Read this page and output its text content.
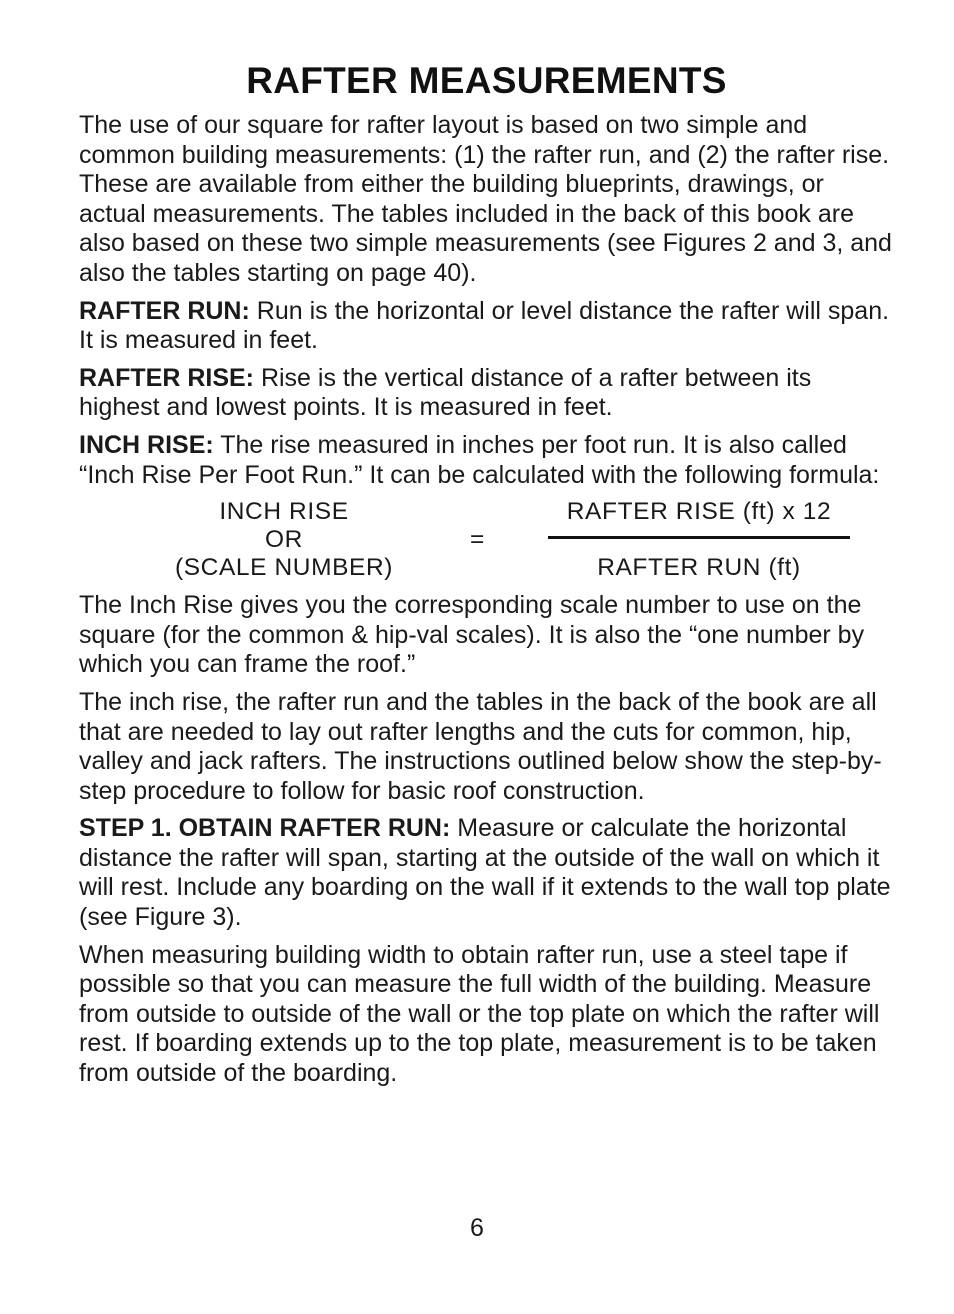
RAFTER MEASUREMENTS

The use of our square for rafter layout is based on two simple and common building measurements: (1) the rafter run, and (2) the rafter rise. These are available from either the building blueprints, drawings, or actual measurements. The tables included in the back of this book are also based on these two simple measurements (see Figures 2 and 3, and also the tables starting on page 40).

RAFTER RUN: Run is the horizontal or level distance the rafter will span. It is measured in feet.

RAFTER RISE: Rise is the vertical distance of a rafter between its highest and lowest points. It is measured in feet.

INCH RISE: The rise measured in inches per foot run. It is also called “Inch Rise Per Foot Run.” It can be calculated with the following formula:

INCH RISE
OR
(SCALE NUMBER)
=
RAFTER RISE (ft) x 12
RAFTER RUN (ft)

The Inch Rise gives you the corresponding scale number to use on the square (for the common & hip-val scales). It is also the “one number by which you can frame the roof.”

The inch rise, the rafter run and the tables in the back of the book are all that are needed to lay out rafter lengths and the cuts for common, hip, valley and jack rafters. The instructions outlined below show the step-by-step procedure to follow for basic roof construction.

STEP 1. OBTAIN RAFTER RUN: Measure or calculate the horizontal distance the rafter will span, starting at the outside of the wall on which it will rest. Include any boarding on the wall if it extends to the wall top plate (see Figure 3).

When measuring building width to obtain rafter run, use a steel tape if possible so that you can measure the full width of the building. Measure from outside to outside of the wall or the top plate on which the rafter will rest. If boarding extends up to the top plate, measurement is to be taken from outside of the boarding.

6
